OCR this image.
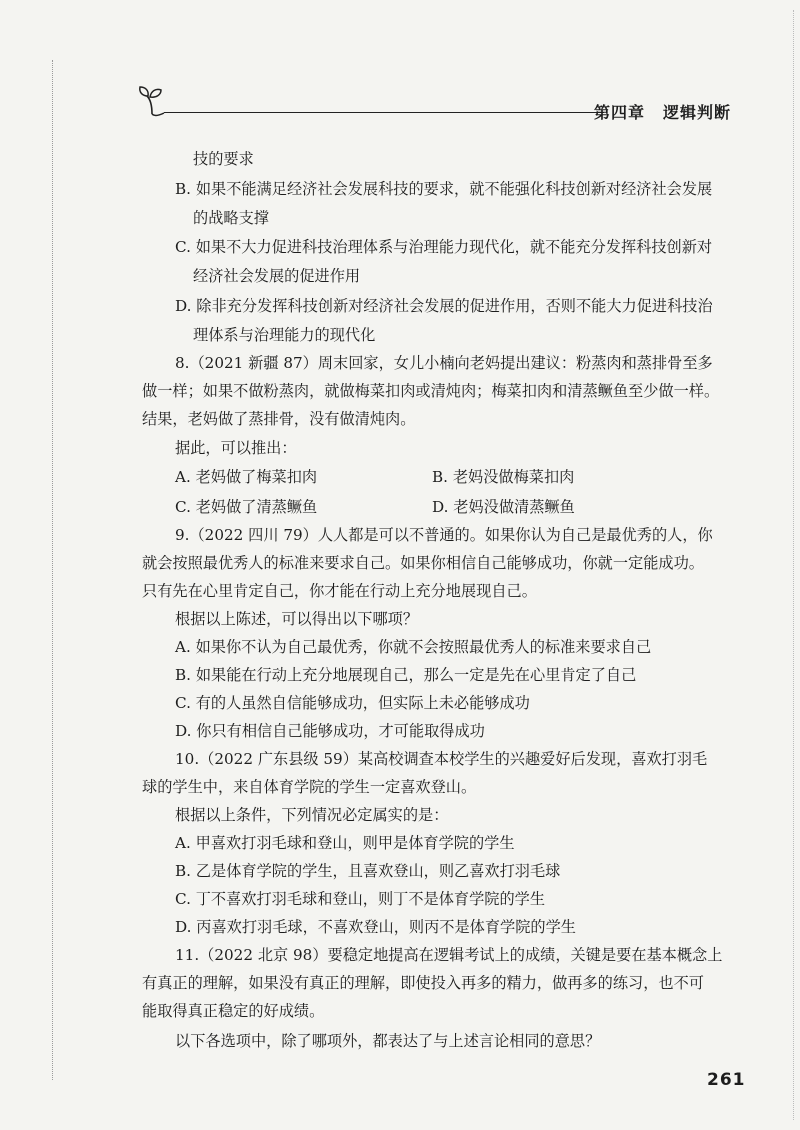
第四章 逻辑判断
技的要求
B. 如果不能满足经济社会发展科技的要求，就不能强化科技创新对经济社会发展
的战略支撑
C. 如果不大力促进科技治理体系与治理能力现代化，就不能充分发挥科技创新对
经济社会发展的促进作用
D. 除非充分发挥科技创新对经济社会发展的促进作用，否则不能大力促进科技治
理体系与治理能力的现代化
8.（2021 新疆 87）周末回家，女儿小楠向老妈提出建议：粉蒸肉和蒸排骨至多
做一样；如果不做粉蒸肉，就做梅菜扣肉或清炖肉；梅菜扣肉和清蒸鳜鱼至少做一样。
结果，老妈做了蒸排骨，没有做清炖肉。
据此，可以推出：
A. 老妈做了梅菜扣肉	B. 老妈没做梅菜扣肉
C. 老妈做了清蒸鳜鱼	D. 老妈没做清蒸鳜鱼
9.（2022 四川 79）人人都是可以不普通的。如果你认为自己是最优秀的人，你
就会按照最优秀人的标准来要求自己。如果你相信自己能够成功，你就一定能成功。
只有先在心里肯定自己，你才能在行动上充分地展现自己。
根据以上陈述，可以得出以下哪项？
A. 如果你不认为自己最优秀，你就不会按照最优秀人的标准来要求自己
B. 如果能在行动上充分地展现自己，那么一定是先在心里肯定了自己
C. 有的人虽然自信能够成功，但实际上未必能够成功
D. 你只有相信自己能够成功，才可能取得成功
10.（2022 广东县级 59）某高校调查本校学生的兴趣爱好后发现，喜欢打羽毛
球的学生中，来自体育学院的学生一定喜欢登山。
根据以上条件，下列情况必定属实的是：
A. 甲喜欢打羽毛球和登山，则甲是体育学院的学生
B. 乙是体育学院的学生，且喜欢登山，则乙喜欢打羽毛球
C. 丁不喜欢打羽毛球和登山，则丁不是体育学院的学生
D. 丙喜欢打羽毛球，不喜欢登山，则丙不是体育学院的学生
11.（2022 北京 98）要稳定地提高在逻辑考试上的成绩，关键是要在基本概念上
有真正的理解，如果没有真正的理解，即使投入再多的精力，做再多的练习，也不可
能取得真正稳定的好成绩。
以下各选项中，除了哪项外，都表达了与上述言论相同的意思？
261
